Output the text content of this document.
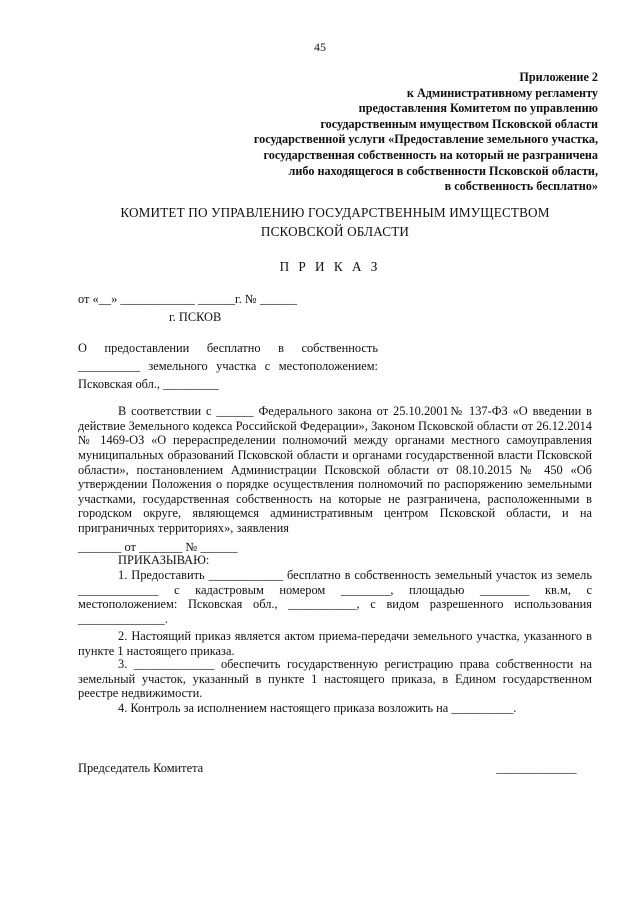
45
Приложение 2
к Административному регламенту
предоставления Комитетом по управлению
государственным имуществом Псковской области
государственной услуги «Предоставление земельного участка,
государственная собственность на который не разграничена
либо находящегося в собственности Псковской области,
в собственность бесплатно»
КОМИТЕТ ПО УПРАВЛЕНИЮ ГОСУДАРСТВЕННЫМ ИМУЩЕСТВОМ ПСКОВСКОЙ ОБЛАСТИ
П Р И К А З
от «__» ____________ ______г. № ______
г. ПСКОВ
О предоставлении бесплатно в собственность
__________ земельного участка с местоположением:
Псковская обл., _________

В соответствии с ______ Федерального закона от 25.10.2001№ 137-ФЗ «О введении в действие Земельного кодекса Российской Федерации», Законом Псковской области от 26.12.2014 № 1469-ОЗ «О перераспределении полномочий между органами местного самоуправления муниципальных образований Псковской области и органами государственной власти Псковской области», постановлением Администрации Псковской области от 08.10.2015 № 450 «Об утверждении Положения о порядке осуществления полномочий по распоряжению земельными участками, государственная собственность на которые не разграничена, расположенными в городском округе, являющемся административным центром Псковской области, и на приграничных территориях», заявления

_______ от _______ № ______

ПРИКАЗЫВАЮ:

1. Предоставить ____________ бесплатно в собственность земельный участок из земель _____________ с кадастровым номером ________, площадью ________ кв.м, с местоположением: Псковская обл., ___________, с видом разрешенного использования ______________.

2. Настоящий приказ является актом приема-передачи земельного участка, указанного в пункте 1 настоящего приказа.

3. _____________ обеспечить государственную регистрацию права собственности на земельный участок, указанный в пункте 1 настоящего приказа, в Едином государственном реестре недвижимости.

4. Контроль за исполнением настоящего приказа возложить на __________.

Председатель Комитета	_____________
